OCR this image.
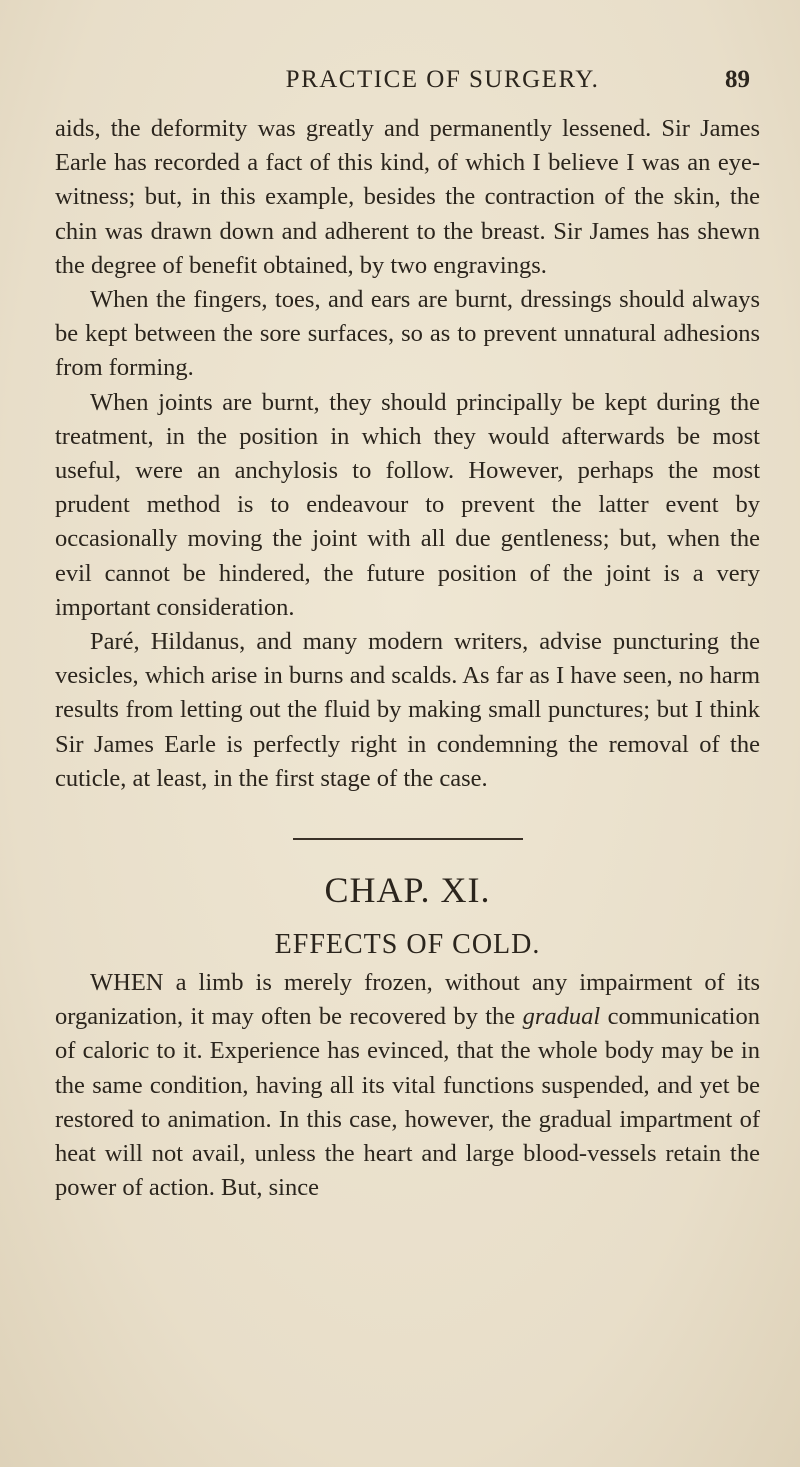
PRACTICE OF SURGERY.	89

aids, the deformity was greatly and permanently lessened. Sir James Earle has recorded a fact of this kind, of which I believe I was an eye-witness; but, in this example, besides the contraction of the skin, the chin was drawn down and adherent to the breast. Sir James has shewn the degree of benefit obtained, by two engravings.

When the fingers, toes, and ears are burnt, dressings should always be kept between the sore surfaces, so as to prevent unnatural adhesions from forming.

When joints are burnt, they should principally be kept during the treatment, in the position in which they would afterwards be most useful, were an anchylosis to follow. However, perhaps the most prudent method is to endeavour to prevent the latter event by occasionally moving the joint with all due gentleness; but, when the evil cannot be hindered, the future position of the joint is a very important consideration.

Paré, Hildanus, and many modern writers, advise puncturing the vesicles, which arise in burns and scalds. As far as I have seen, no harm results from letting out the fluid by making small punctures; but I think Sir James Earle is perfectly right in condemning the removal of the cuticle, at least, in the first stage of the case.

CHAP. XI.
EFFECTS OF COLD.

WHEN a limb is merely frozen, without any impairment of its organization, it may often be recovered by the gradual communication of caloric to it. Experience has evinced, that the whole body may be in the same condition, having all its vital functions suspended, and yet be restored to animation. In this case, however, the gradual impartment of heat will not avail, unless the heart and large blood-vessels retain the power of action. But, since
